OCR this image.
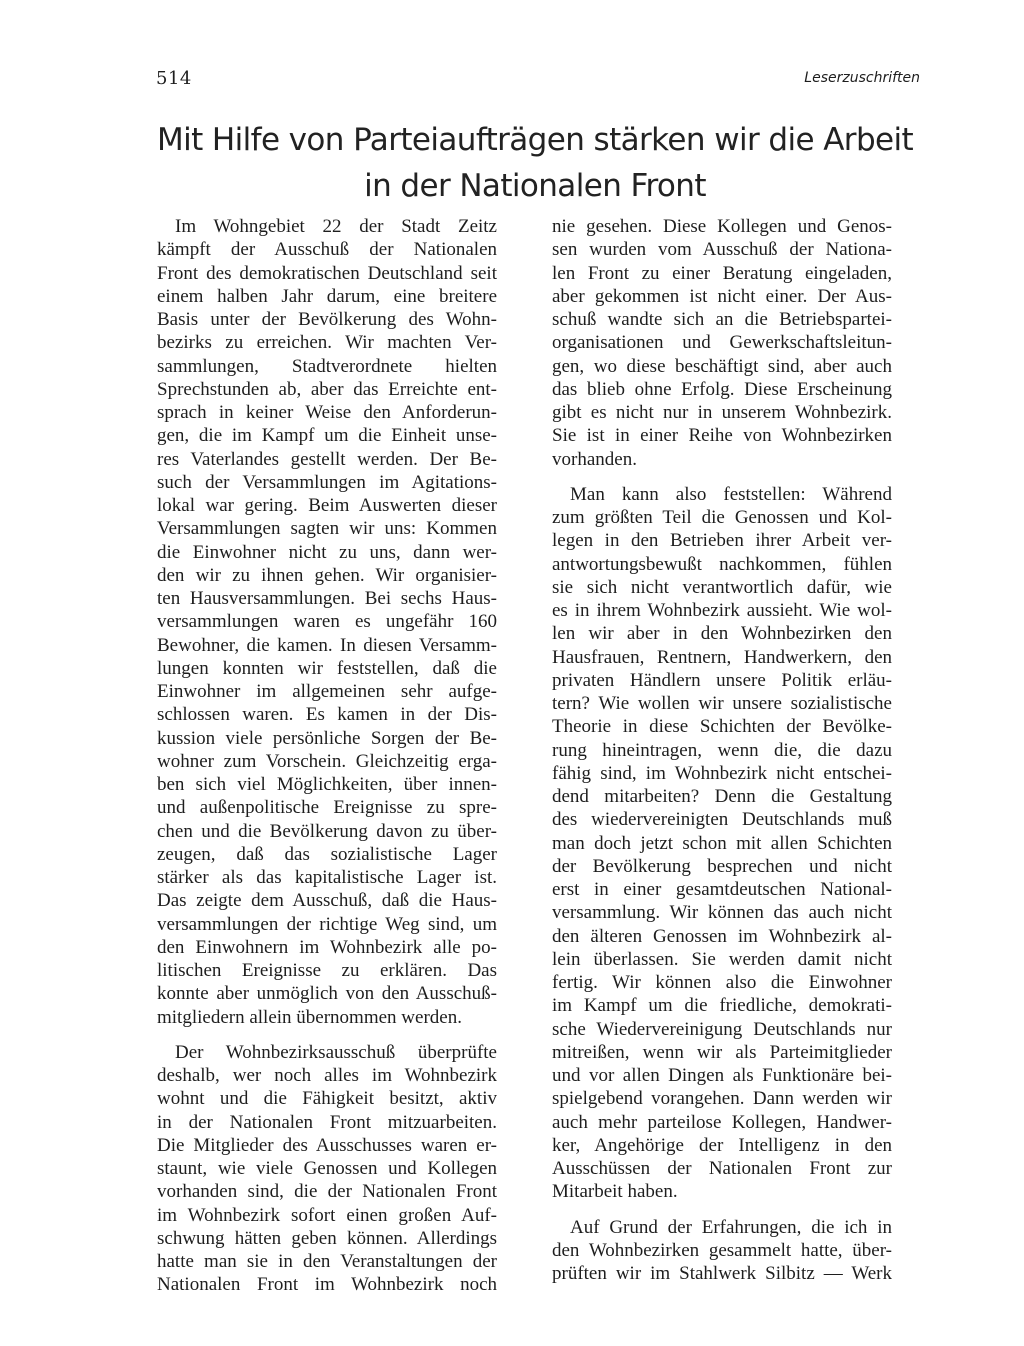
514	Leserzuschriften
Mit Hilfe von Parteiaufträgen stärken wir die Arbeit
in der Nationalen Front
Im Wohngebiet 22 der Stadt Zeitz
kämpft der Ausschuß der Nationalen
Front des demokratischen Deutschland seit
einem halben Jahr darum, eine breitere
Basis unter der Bevölkerung des Wohn-
bezirks zu erreichen. Wir machten Ver-
sammlungen, Stadtverordnete hielten
Sprechstunden ab, aber das Erreichte ent-
sprach in keiner Weise den Anforderun-
gen, die im Kampf um die Einheit unse-
res Vaterlandes gestellt werden. Der Be-
such der Versammlungen im Agitations-
lokal war gering. Beim Auswerten dieser
Versammlungen sagten wir uns: Kommen
die Einwohner nicht zu uns, dann wer-
den wir zu ihnen gehen. Wir organisier-
ten Hausversammlungen. Bei sechs Haus-
versammlungen waren es ungefähr 160
Bewohner, die kamen. In diesen Versamm-
lungen konnten wir feststellen, daß die
Einwohner im allgemeinen sehr aufge-
schlossen waren. Es kamen in der Dis-
kussion viele persönliche Sorgen der Be-
wohner zum Vorschein. Gleichzeitig erga-
ben sich viel Möglichkeiten, über innen-
und außenpolitische Ereignisse zu spre-
chen und die Bevölkerung davon zu über-
zeugen, daß das sozialistische Lager
stärker als das kapitalistische Lager ist.
Das zeigte dem Ausschuß, daß die Haus-
versammlungen der richtige Weg sind, um
den Einwohnern im Wohnbezirk alle po-
litischen Ereignisse zu erklären. Das
konnte aber unmöglich von den Ausschuß-
mitgliedern allein übernommen werden.
Der Wohnbezirksausschuß überprüfte
deshalb, wer noch alles im Wohnbezirk
wohnt und die Fähigkeit besitzt, aktiv
in der Nationalen Front mitzuarbeiten.
Die Mitglieder des Ausschusses waren er-
staunt, wie viele Genossen und Kollegen
vorhanden sind, die der Nationalen Front
im Wohnbezirk sofort einen großen Auf-
schwung hätten geben können. Allerdings
hatte man sie in den Veranstaltungen der
Nationalen Front im Wohnbezirk noch
nie gesehen. Diese Kollegen und Genos-
sen wurden vom Ausschuß der Nationa-
len Front zu einer Beratung eingeladen,
aber gekommen ist nicht einer. Der Aus-
schuß wandte sich an die Betriebspartei-
organisationen und Gewerkschaftsleitun-
gen, wo diese beschäftigt sind, aber auch
das blieb ohne Erfolg. Diese Erscheinung
gibt es nicht nur in unserem Wohnbezirk.
Sie ist in einer Reihe von Wohnbezirken
vorhanden.
Man kann also feststellen: Während
zum größten Teil die Genossen und Kol-
legen in den Betrieben ihrer Arbeit ver-
antwortungsbewußt nachkommen, fühlen
sie sich nicht verantwortlich dafür, wie
es in ihrem Wohnbezirk aussieht. Wie wol-
len wir aber in den Wohnbezirken den
Hausfrauen, Rentnern, Handwerkern, den
privaten Händlern unsere Politik erläu-
tern? Wie wollen wir unsere sozialistische
Theorie in diese Schichten der Bevölke-
rung hineintragen, wenn die, die dazu
fähig sind, im Wohnbezirk nicht entschei-
dend mitarbeiten? Denn die Gestaltung
des wiedervereinigten Deutschlands muß
man doch jetzt schon mit allen Schichten
der Bevölkerung besprechen und nicht
erst in einer gesamtdeutschen National-
versammlung. Wir können das auch nicht
den älteren Genossen im Wohnbezirk al-
lein überlassen. Sie werden damit nicht
fertig. Wir können also die Einwohner
im Kampf um die friedliche, demokrati-
sche Wiedervereinigung Deutschlands nur
mitreißen, wenn wir als Parteimitglieder
und vor allen Dingen als Funktionäre bei-
spielgebend vorangehen. Dann werden wir
auch mehr parteilose Kollegen, Handwer-
ker, Angehörige der Intelligenz in den
Ausschüssen der Nationalen Front zur
Mitarbeit haben.
Auf Grund der Erfahrungen, die ich in
den Wohnbezirken gesammelt hatte, über-
prüften wir im Stahlwerk Silbitz — Werk
